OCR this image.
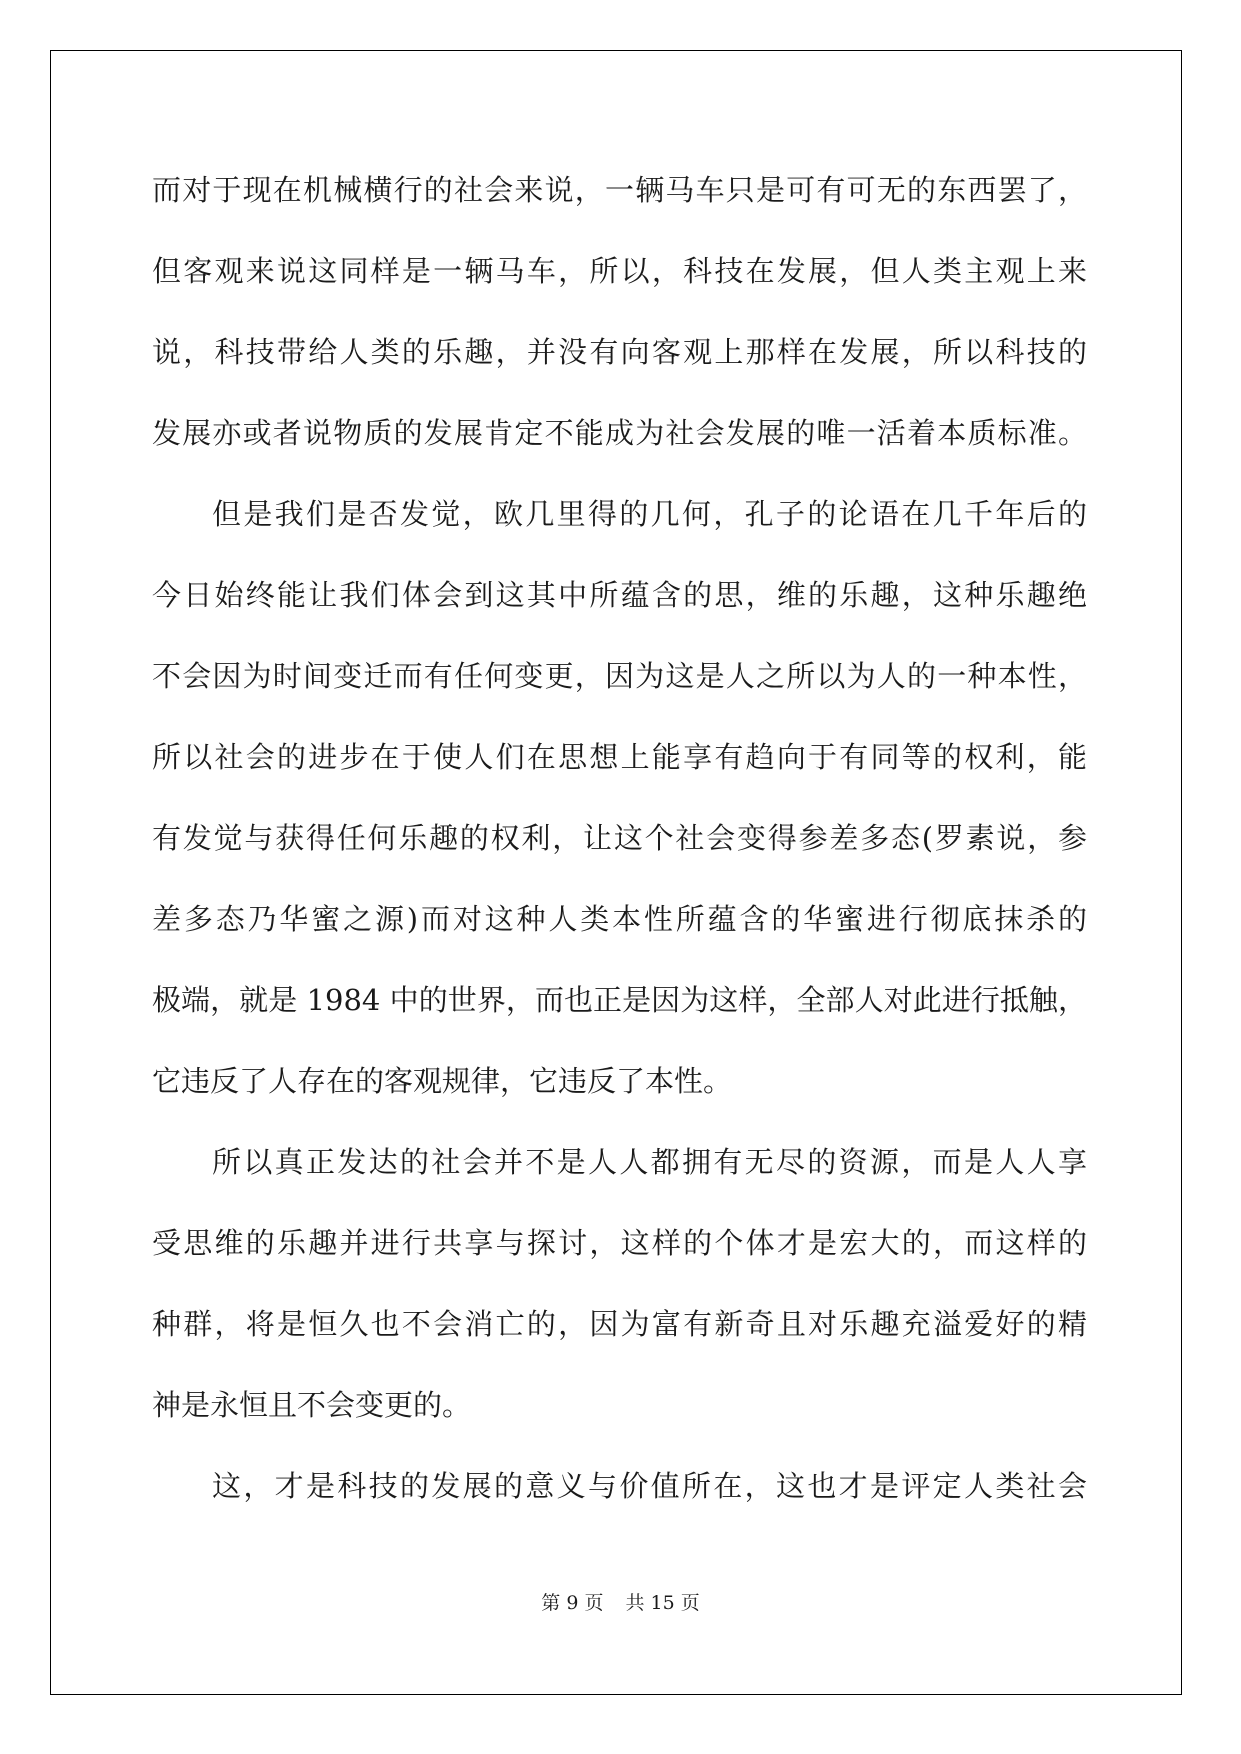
而对于现在机械横行的社会来说，一辆马车只是可有可无的东西罢了，
但客观来说这同样是一辆马车，所以，科技在发展，但人类主观上来
说，科技带给人类的乐趣，并没有向客观上那样在发展，所以科技的
发展亦或者说物质的发展肯定不能成为社会发展的唯一活着本质标准。
但是我们是否发觉，欧几里得的几何，孔子的论语在几千年后的
今日始终能让我们体会到这其中所蕴含的思，维的乐趣，这种乐趣绝
不会因为时间变迁而有任何变更，因为这是人之所以为人的一种本性，
所以社会的进步在于使人们在思想上能享有趋向于有同等的权利，能
有发觉与获得任何乐趣的权利，让这个社会变得参差多态(罗素说，参
差多态乃华蜜之源)而对这种人类本性所蕴含的华蜜进行彻底抹杀的
极端，就是 1984 中的世界，而也正是因为这样，全部人对此进行抵触，
它违反了人存在的客观规律，它违反了本性。
所以真正发达的社会并不是人人都拥有无尽的资源，而是人人享
受思维的乐趣并进行共享与探讨，这样的个体才是宏大的，而这样的
种群，将是恒久也不会消亡的，因为富有新奇且对乐趣充溢爱好的精
神是永恒且不会变更的。
这，才是科技的发展的意义与价值所在，这也才是评定人类社会
第 9 页 共 15 页
